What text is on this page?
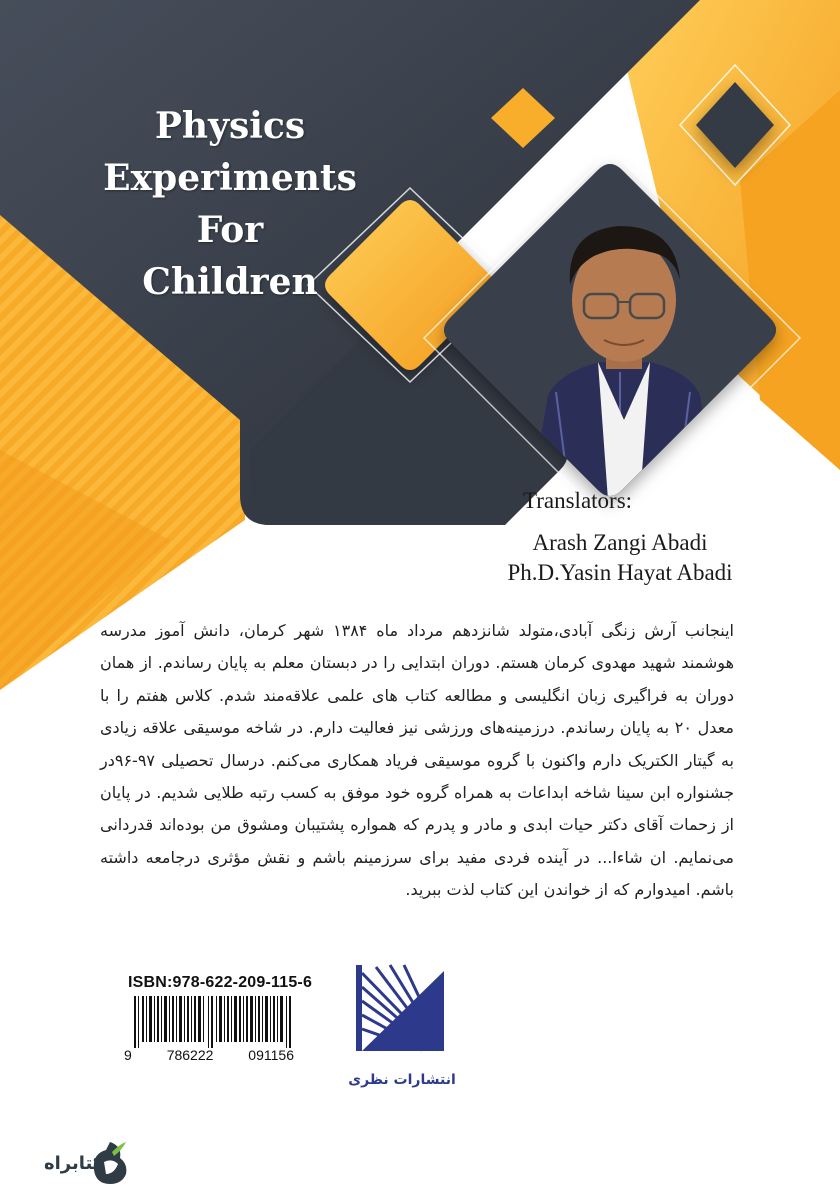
Physics
Experiments
For
Children
Translators:
Arash Zangi Abadi
Ph.D.Yasin Hayat Abadi

اینجانب آرش زنگی آبادی،متولد شانزدهم مرداد ماه ۱۳۸۴ شهر کرمان، دانش آموز مدرسه هوشمند شهید مهدوی کرمان هستم. دوران ابتدایی را در دبستان معلم به پایان رساندم. از همان دوران به فراگیری زبان انگلیسی و مطالعه کتاب های علمی علاقه‌مند شدم. کلاس هفتم را با معدل ۲۰ به پایان رساندم. درزمینه‌های ورزشی نیز فعالیت دارم. در شاخه موسیقی علاقه زیادی به گیتار الکتریک دارم واکنون با گروه موسیقی فریاد همکاری می‌کنم. درسال تحصیلی ۹۷-۹۶در جشنواره ابن سینا شاخه ابداعات به همراه گروه خود موفق به کسب رتبه طلایی شدیم. در پایان از زحمات آقای دکتر حیات ابدی و مادر و پدرم که همواره پشتیبان ومشوق من بوده‌اند قدردانی می‌نمایم. ان شاءا... در آینده فردی مفید برای سرزمینم باشم و نقش مؤثری درجامعه داشته باشم. امیدوارم که از خواندن این کتاب لذت ببرید.

ISBN:978-622-209-115-6
9 786222 091156
انتشارات نظری
کتابراه
